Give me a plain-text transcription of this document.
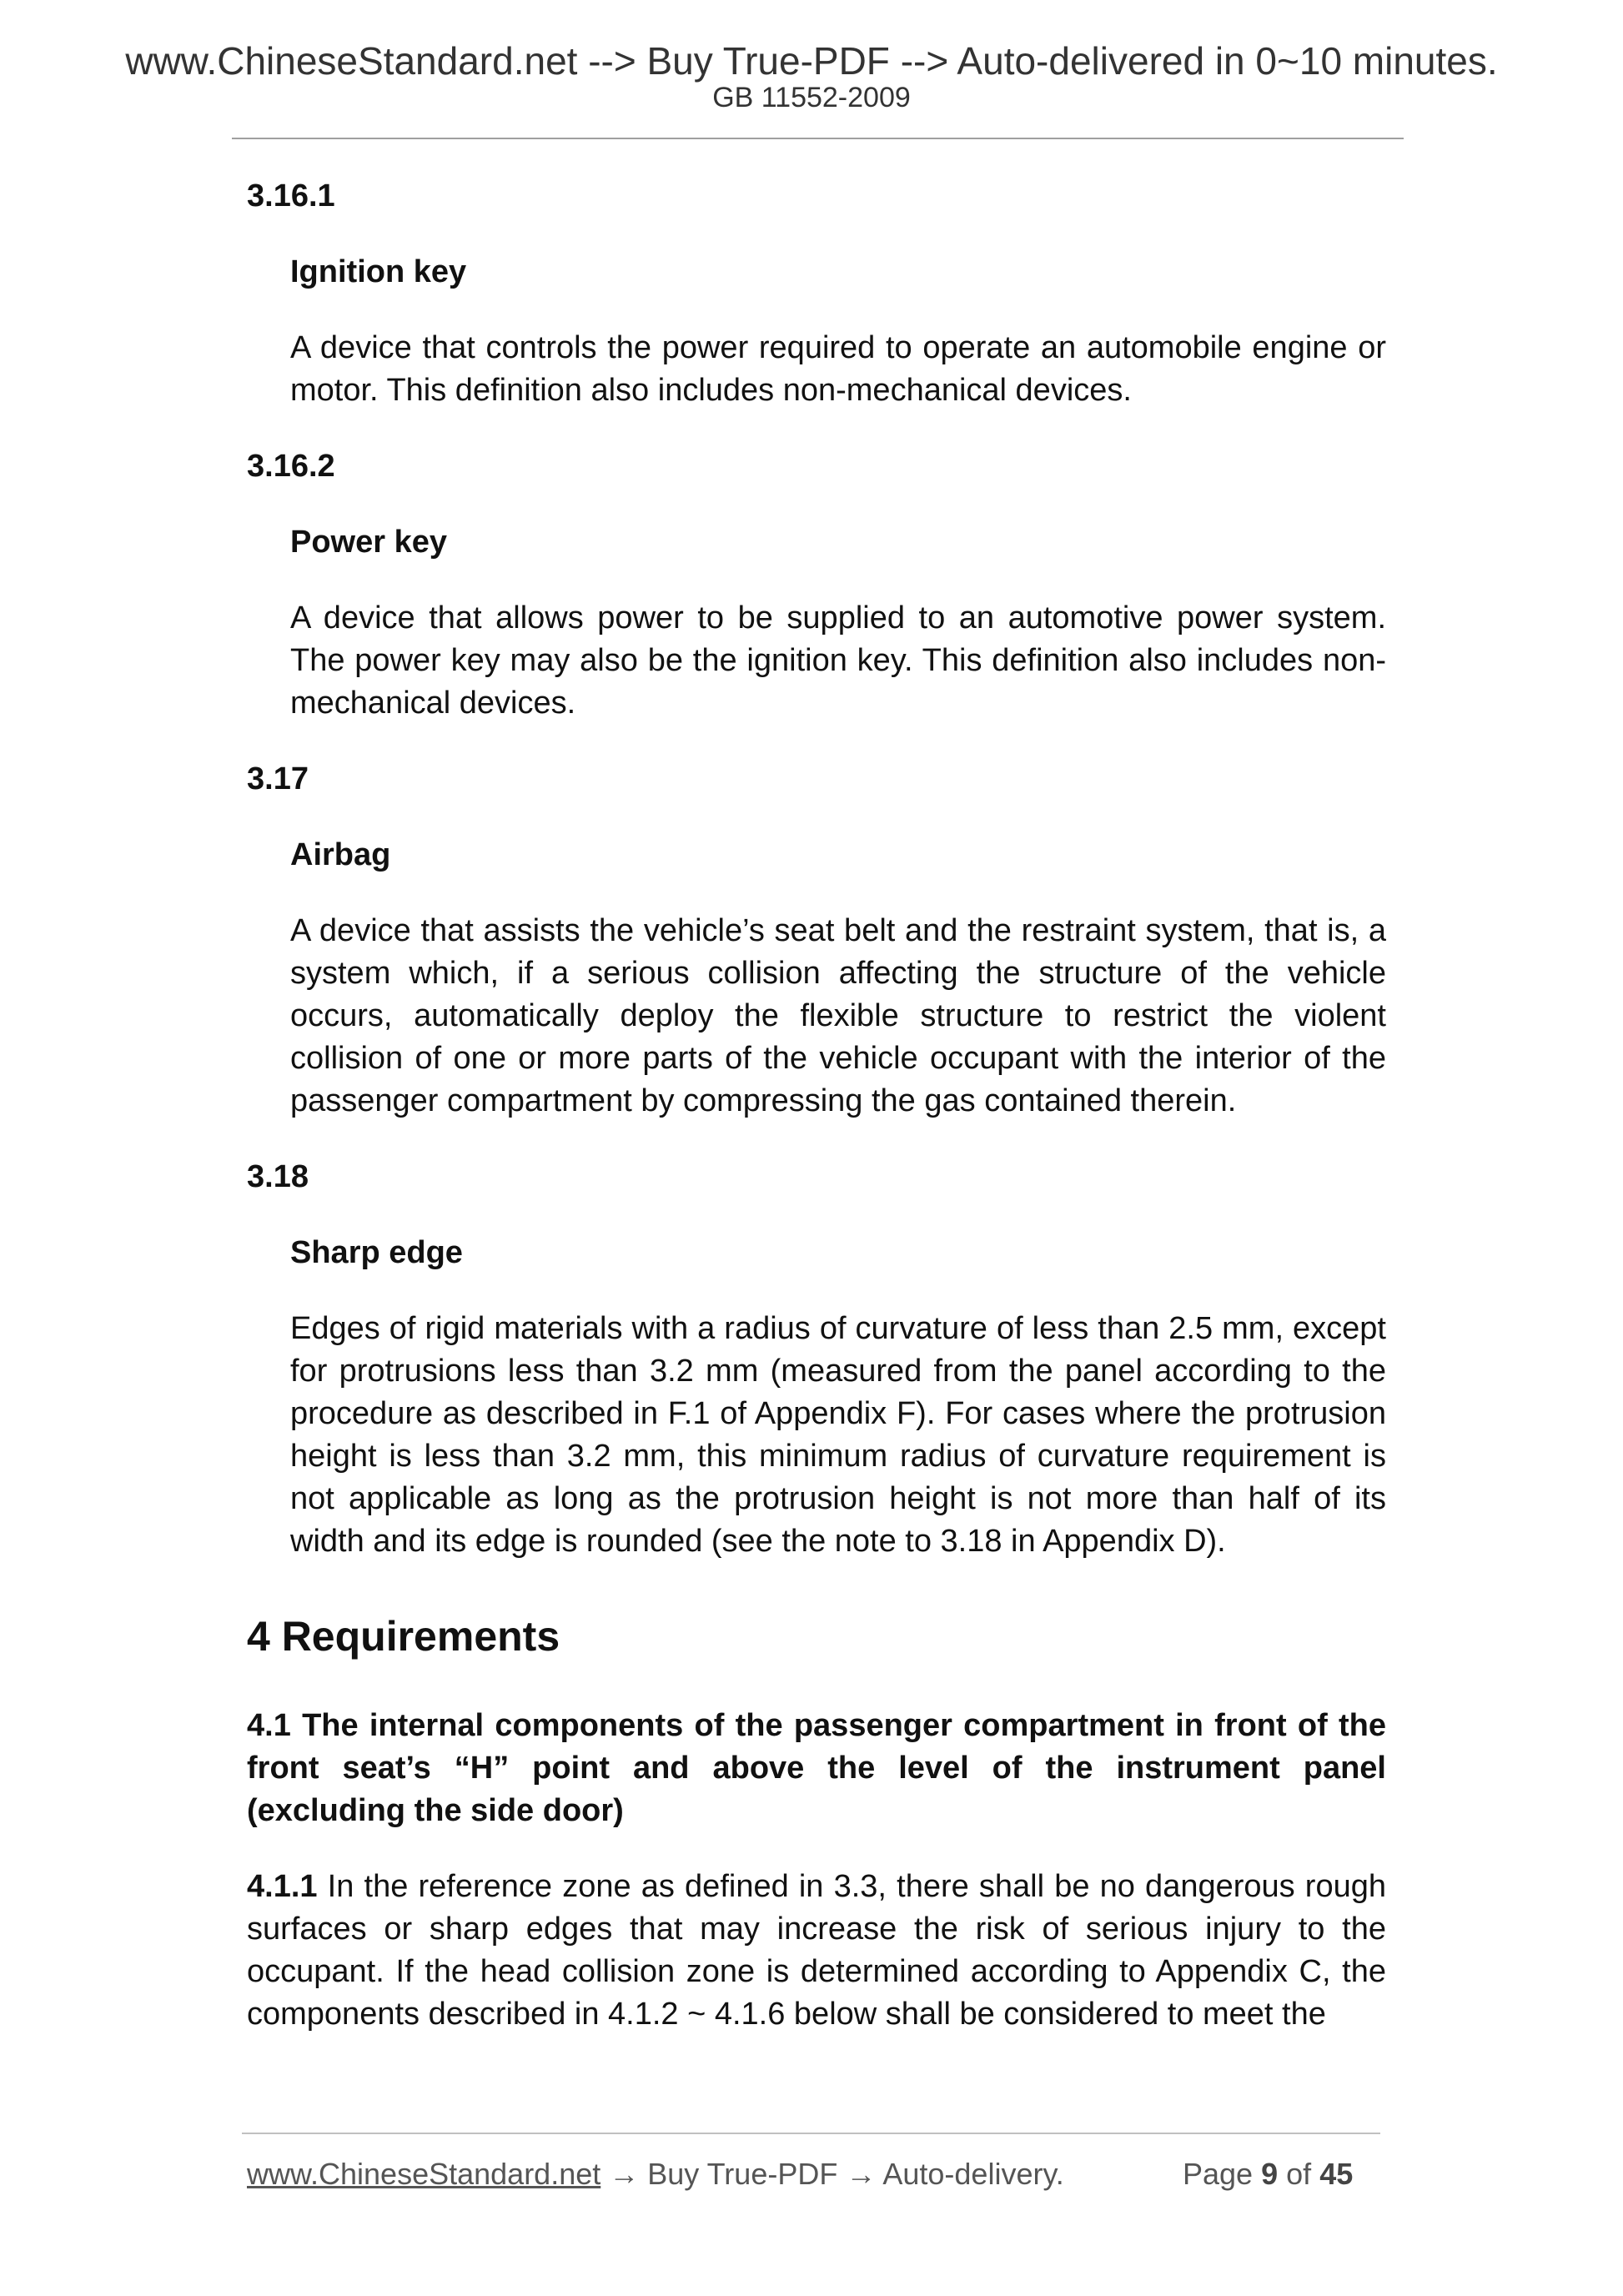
www.ChineseStandard.net --> Buy True-PDF --> Auto-delivered in 0~10 minutes.
GB 11552-2009
3.16.1
Ignition key
A device that controls the power required to operate an automobile engine or motor. This definition also includes non-mechanical devices.
3.16.2
Power key
A device that allows power to be supplied to an automotive power system. The power key may also be the ignition key. This definition also includes non-mechanical devices.
3.17
Airbag
A device that assists the vehicle’s seat belt and the restraint system, that is, a system which, if a serious collision affecting the structure of the vehicle occurs, automatically deploy the flexible structure to restrict the violent collision of one or more parts of the vehicle occupant with the interior of the passenger compartment by compressing the gas contained therein.
3.18
Sharp edge
Edges of rigid materials with a radius of curvature of less than 2.5 mm, except for protrusions less than 3.2 mm (measured from the panel according to the procedure as described in F.1 of Appendix F). For cases where the protrusion height is less than 3.2 mm, this minimum radius of curvature requirement is not applicable as long as the protrusion height is not more than half of its width and its edge is rounded (see the note to 3.18 in Appendix D).
4 Requirements
4.1 The internal components of the passenger compartment in front of the front seat’s “H” point and above the level of the instrument panel (excluding the side door)

4.1.1 In the reference zone as defined in 3.3, there shall be no dangerous rough surfaces or sharp edges that may increase the risk of serious injury to the occupant. If the head collision zone is determined according to Appendix C, the components described in 4.1.2 ~ 4.1.6 below shall be considered to meet the

www.ChineseStandard.net → Buy True-PDF → Auto-delivery.	Page 9 of 45
